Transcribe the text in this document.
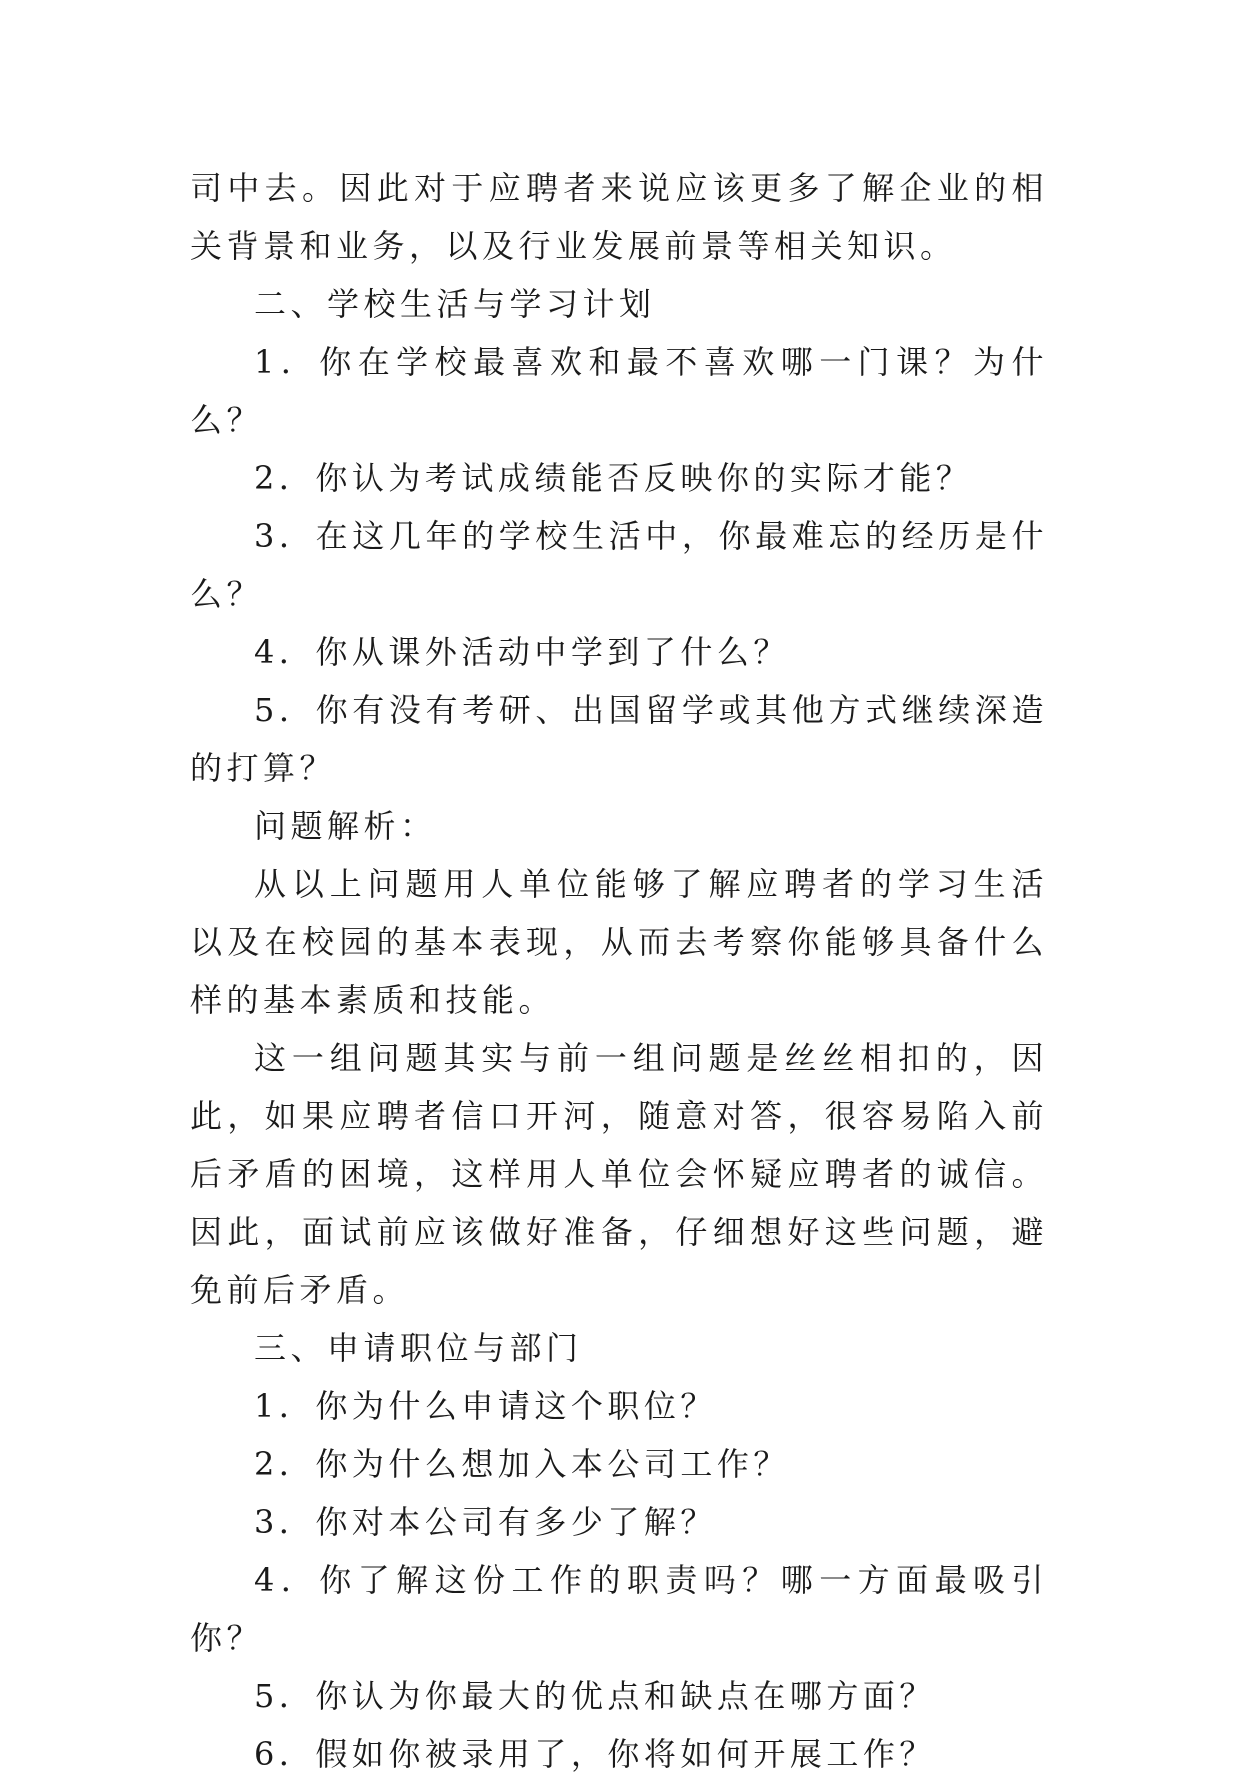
司中去。因此对于应聘者来说应该更多了解企业的相关背景和业务，以及行业发展前景等相关知识。

二、学校生活与学习计划

1．你在学校最喜欢和最不喜欢哪一门课？为什么？

2．你认为考试成绩能否反映你的实际才能？

3．在这几年的学校生活中，你最难忘的经历是什么？

4．你从课外活动中学到了什么？

5．你有没有考研、出国留学或其他方式继续深造的打算？

问题解析：

从以上问题用人单位能够了解应聘者的学习生活以及在校园的基本表现，从而去考察你能够具备什么样的基本素质和技能。

这一组问题其实与前一组问题是丝丝相扣的，因此，如果应聘者信口开河，随意对答，很容易陷入前后矛盾的困境，这样用人单位会怀疑应聘者的诚信。因此，面试前应该做好准备，仔细想好这些问题，避免前后矛盾。

三、申请职位与部门

1．你为什么申请这个职位？

2．你为什么想加入本公司工作？

3．你对本公司有多少了解？

4．你了解这份工作的职责吗？哪一方面最吸引你？

5．你认为你最大的优点和缺点在哪方面？

6．假如你被录用了，你将如何开展工作？
